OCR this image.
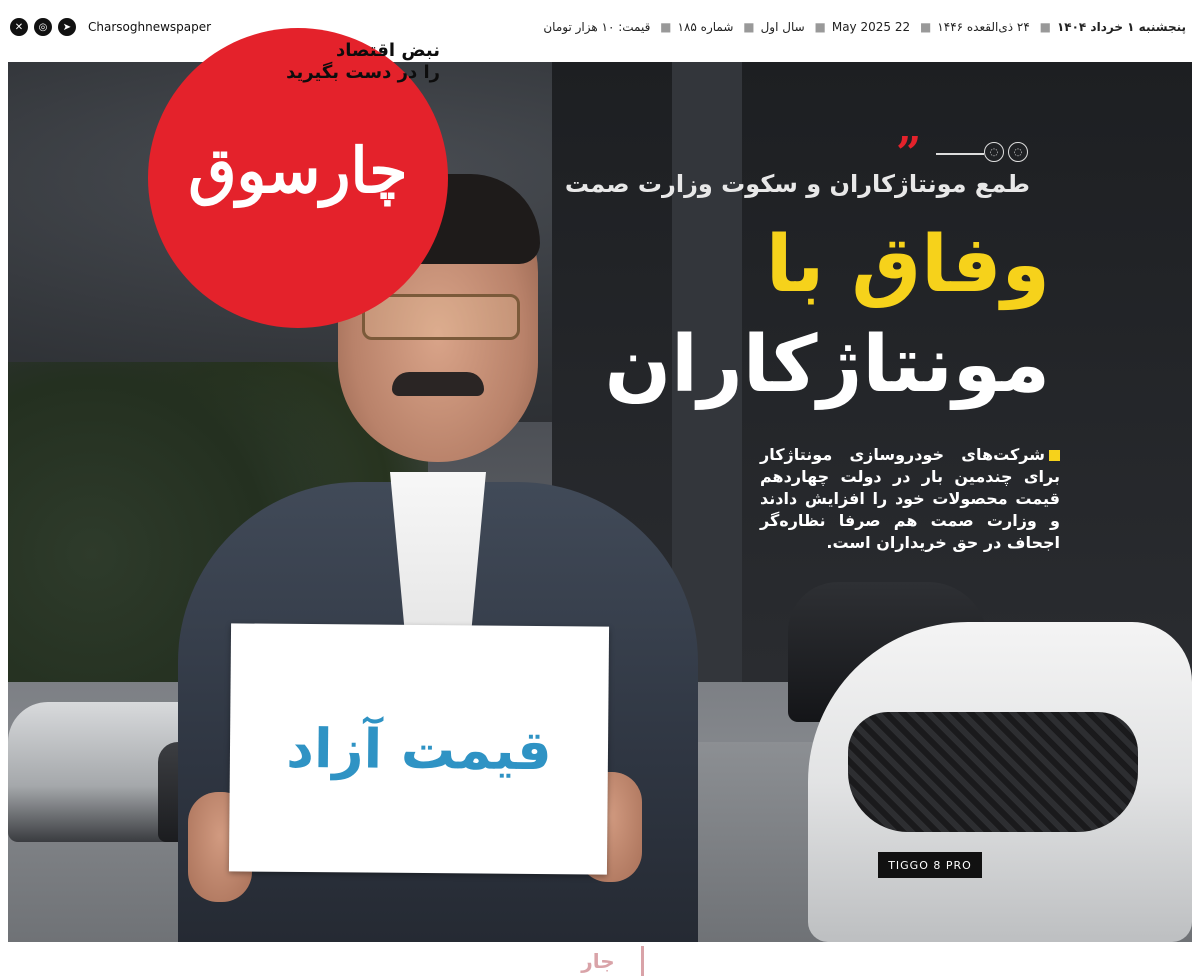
پنجشنبه ۱ خرداد ۱۴۰۴■ ۲۴ ذی‌القعده ۱۴۴۶■ 22 May 2025■ سال اول■ شماره ۱۸۵■ قیمت: ۱۰ هزار تومان
✕	◎	➤	Charsoghnewspaper
TIGGO 8 PRO
قیمت آزاد
چارسوق
نبض اقتصاد
را در دست بگیرید
”	◌	◌
طمع مونتاژکاران و سکوت وزارت صمت
وفاق با
مونتاژکاران
شرکت‌های خودروسازی مونتاژکار برای چندمین بار در دولت چهاردهم قیمت محصولات خود را افزایش دادند و وزارت صمت هم صرفا نظاره‌گر اجحاف در حق خریداران است.
جار
